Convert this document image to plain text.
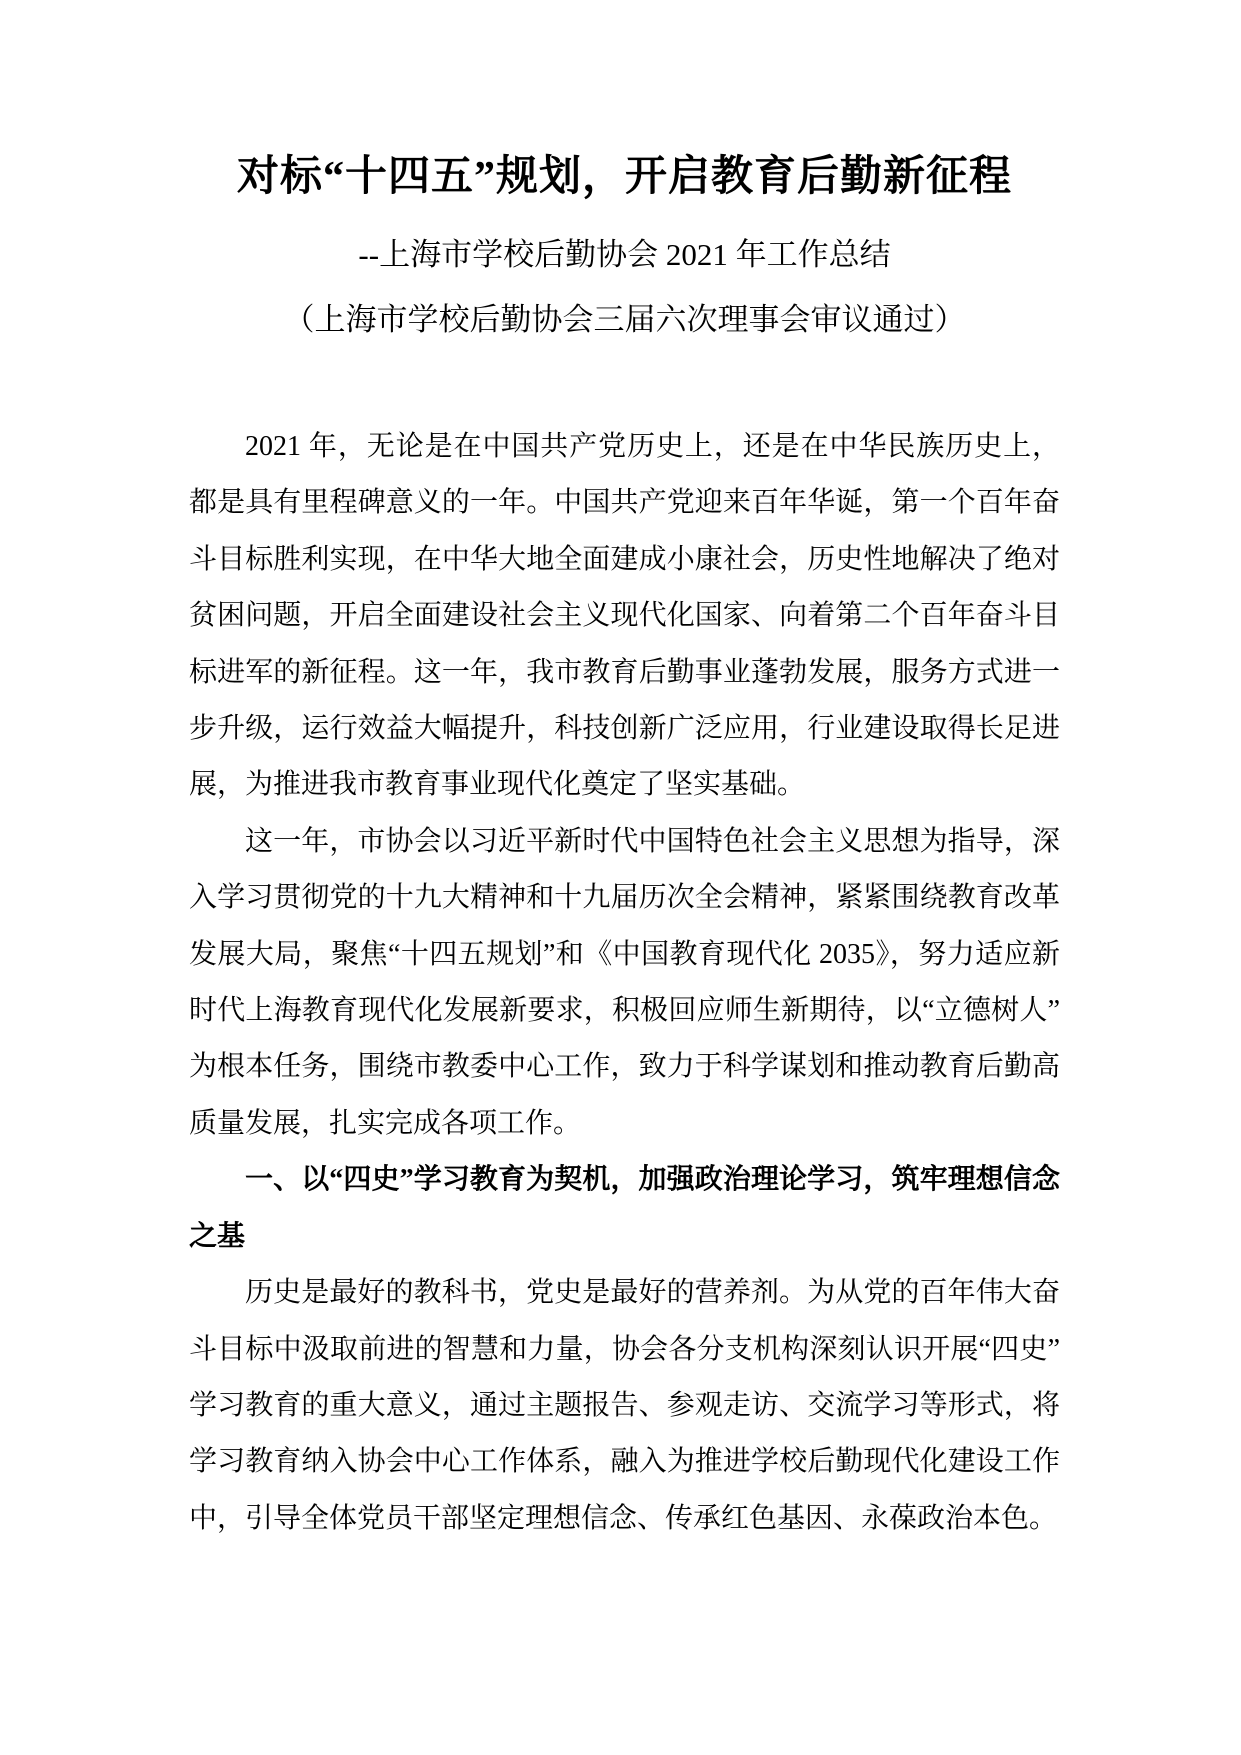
对标“十四五”规划，开启教育后勤新征程

--上海市学校后勤协会 2021 年工作总结

（上海市学校后勤协会三届六次理事会审议通过）

2021 年，无论是在中国共产党历史上，还是在中华民族历史上，都是具有里程碑意义的一年。中国共产党迎来百年华诞，第一个百年奋斗目标胜利实现，在中华大地全面建成小康社会，历史性地解决了绝对贫困问题，开启全面建设社会主义现代化国家、向着第二个百年奋斗目标进军的新征程。这一年，我市教育后勤事业蓬勃发展，服务方式进一步升级，运行效益大幅提升，科技创新广泛应用，行业建设取得长足进展，为推进我市教育事业现代化奠定了坚实基础。

这一年，市协会以习近平新时代中国特色社会主义思想为指导，深入学习贯彻党的十九大精神和十九届历次全会精神，紧紧围绕教育改革发展大局，聚焦“十四五规划”和《中国教育现代化 2035》，努力适应新时代上海教育现代化发展新要求，积极回应师生新期待，以“立德树人”为根本任务，围绕市教委中心工作，致力于科学谋划和推动教育后勤高质量发展，扎实完成各项工作。

一、以“四史”学习教育为契机，加强政治理论学习，筑牢理想信念之基

历史是最好的教科书，党史是最好的营养剂。为从党的百年伟大奋斗目标中汲取前进的智慧和力量，协会各分支机构深刻认识开展“四史”学习教育的重大意义，通过主题报告、参观走访、交流学习等形式，将学习教育纳入协会中心工作体系，融入为推进学校后勤现代化建设工作中，引导全体党员干部坚定理想信念、传承红色基因、永葆政治本色。
